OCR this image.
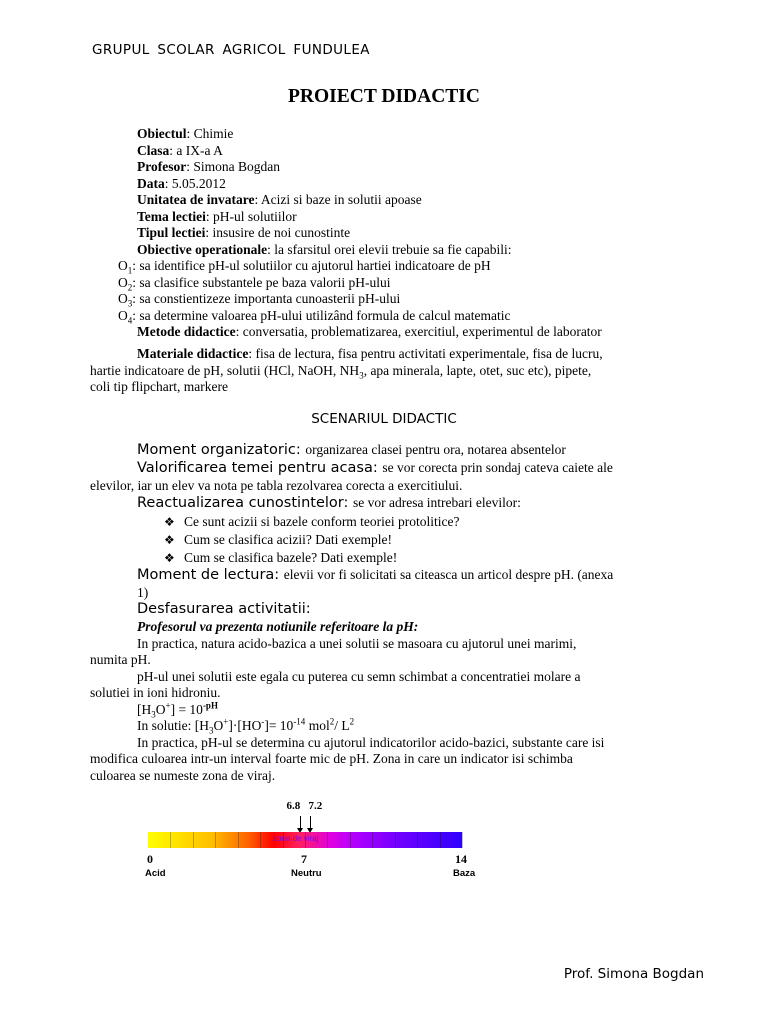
GRUPUL SCOLAR AGRICOL FUNDULEA
PROIECT DIDACTIC
Obiectul: Chimie
Clasa: a IX-a A
Profesor: Simona Bogdan
Data: 5.05.2012
Unitatea de invatare: Acizi si baze in solutii apoase
Tema lectiei: pH-ul solutiilor
Tipul lectiei: insusire de noi cunostinte
Obiective operationale: la sfarsitul orei elevii trebuie sa fie capabili:
$O_1$: sa identifice pH-ul solutiilor cu ajutorul hartiei indicatoare de pH
$O_2$: sa clasifice substantele pe baza valorii pH-ului
$O_3$: sa constientizeze importanta cunoasterii pH-ului
$O_4$: sa determine valoarea pH-ului utilizând formula de calcul matematic
Metode didactice: conversatia, problematizarea, exercitiul, experimentul de laborator
Materiale didactice: fisa de lectura, fisa pentru activitati experimentale, fisa de lucru,
hartie indicatoare de pH, solutii (HCl, NaOH, $NH_3$, apa minerala, lapte, otet, suc etc), pipete,
coli tip flipchart, markere
SCENARIUL DIDACTIC
Moment organizatoric: organizarea clasei pentru ora, notarea absentelor
Valorificarea temei pentru acasa: se vor corecta prin sondaj cateva caiete ale
elevilor, iar un elev va nota pe tabla rezolvarea corecta a exercitiului.
Reactualizarea cunostintelor: se vor adresa intrebari elevilor:
❖ Ce sunt acizii si bazele conform teoriei protolitice?
❖ Cum se clasifica acizii? Dati exemple!
❖ Cum se clasifica bazele? Dati exemple!
Moment de lectura: elevii vor fi solicitati sa citeasca un articol despre pH. (anexa
1)
Desfasurarea activitatii:
Profesorul va prezenta notiunile referitoare la pH:
In practica, natura acido-bazica a unei solutii se masoara cu ajutorul unei marimi,
numita pH.
pH-ul unei solutii este egala cu puterea cu semn schimbat a concentratiei molare a
solutiei in ioni hidroniu.
$[H_3O^+] = 10^{-pH}$
In solutie: $[H_3O^+]\cdot[HO^-]= 10^{-14}$ mol$^2$/ $L^2$
In practica, pH-ul se determina cu ajutorul indicatorilor acido-bazici, substante care isi
modifica culoarea intr-un interval foarte mic de pH. Zona in care un indicator isi schimba
culoarea se numeste zona de viraj.
6.8 7.2
zona de viraj
0	7	14
Acid	Neutru	Baza
Prof. Simona Bogdan
